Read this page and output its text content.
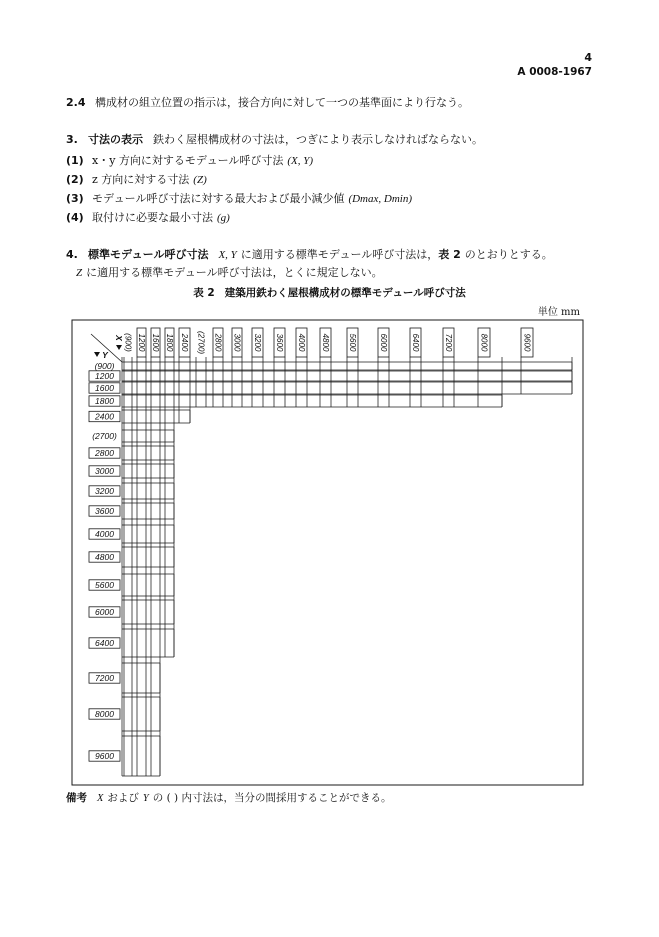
4
A 0008-1967
2.4 構成材の組立位置の指示は，接合方向に対して一つの基準面により行なう。
3. 寸法の表示 鉄わく屋根構成材の寸法は，つぎにより表示しなければならない。
(1) x・y 方向に対するモデュール呼び寸法 (X, Y)
(2) z 方向に対する寸法 (Z)
(3) モデュール呼び寸法に対する最大および最小減少値 (Dmax, Dmin)
(4) 取付けに必要な最小寸法 (g)
4. 標準モデュール呼び寸法 X, Y に適用する標準モデュール呼び寸法は，表 2 のとおりとする。
Z に適用する標準モデュール呼び寸法は，とくに規定しない。
表 2 建築用鉄わく屋根構成材の標準モデュール呼び寸法
単位 mm
X
Y
(900) 1200 1600 1800 2400 (2700) 2800 3000 3200 3600 4000 4800 5600	6000	6400	7200	8000	9600
(900)
1200
1600
1800
2400
(2700)
2800
3000
3200
3600
4000
4800
5600
6000
6400
7200
8000
9600
備考 X および Y の ( ) 内寸法は，当分の間採用することができる。
